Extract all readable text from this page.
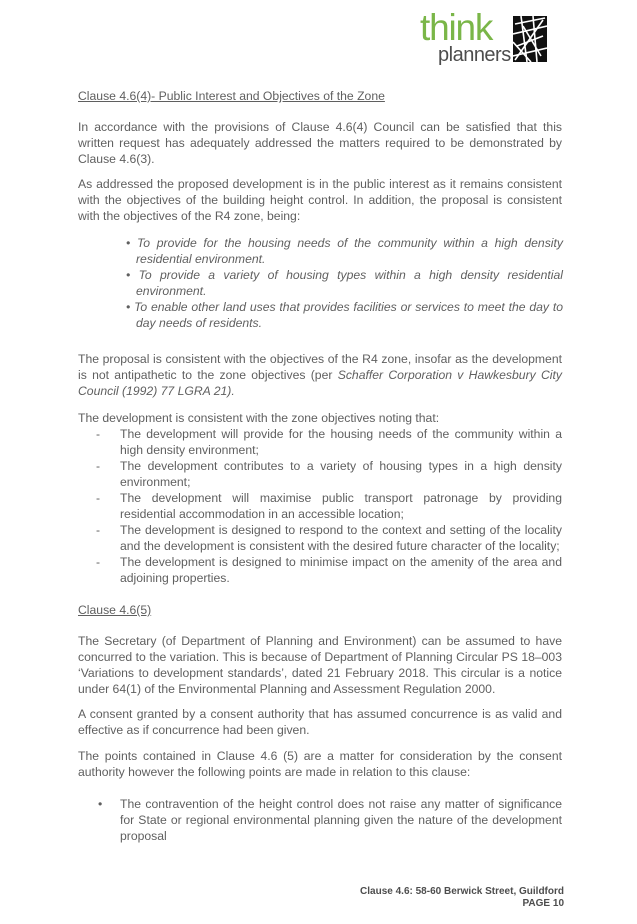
think
planners
Clause 4.6(4)- Public Interest and Objectives of the Zone

In accordance with the provisions of Clause 4.6(4) Council can be satisfied that this written request has adequately addressed the matters required to be demonstrated by Clause 4.6(3).

As addressed the proposed development is in the public interest as it remains consistent with the objectives of the building height control. In addition, the proposal is consistent with the objectives of the R4 zone, being:

• To provide for the housing needs of the community within a high density residential environment.
• To provide a variety of housing types within a high density residential environment.
• To enable other land uses that provides facilities or services to meet the day to day needs of residents.

The proposal is consistent with the objectives of the R4 zone, insofar as the development is not antipathetic to the zone objectives (per Schaffer Corporation v Hawkesbury City Council (1992) 77 LGRA 21).

The development is consistent with the zone objectives noting that:

- The development will provide for the housing needs of the community within a high density environment;
- The development contributes to a variety of housing types in a high density environment;
- The development will maximise public transport patronage by providing residential accommodation in an accessible location;
- The development is designed to respond to the context and setting of the locality and the development is consistent with the desired future character of the locality;
- The development is designed to minimise impact on the amenity of the area and adjoining properties.
Clause 4.6(5)

The Secretary (of Department of Planning and Environment) can be assumed to have concurred to the variation. This is because of Department of Planning Circular PS 18–003 ‘Variations to development standards’, dated 21 February 2018. This circular is a notice under 64(1) of the Environmental Planning and Assessment Regulation 2000.

A consent granted by a consent authority that has assumed concurrence is as valid and effective as if concurrence had been given.

The points contained in Clause 4.6 (5) are a matter for consideration by the consent authority however the following points are made in relation to this clause:

• The contravention of the height control does not raise any matter of significance for State or regional environmental planning given the nature of the development proposal
Clause 4.6: 58-60 Berwick Street, Guildford
PAGE 10
